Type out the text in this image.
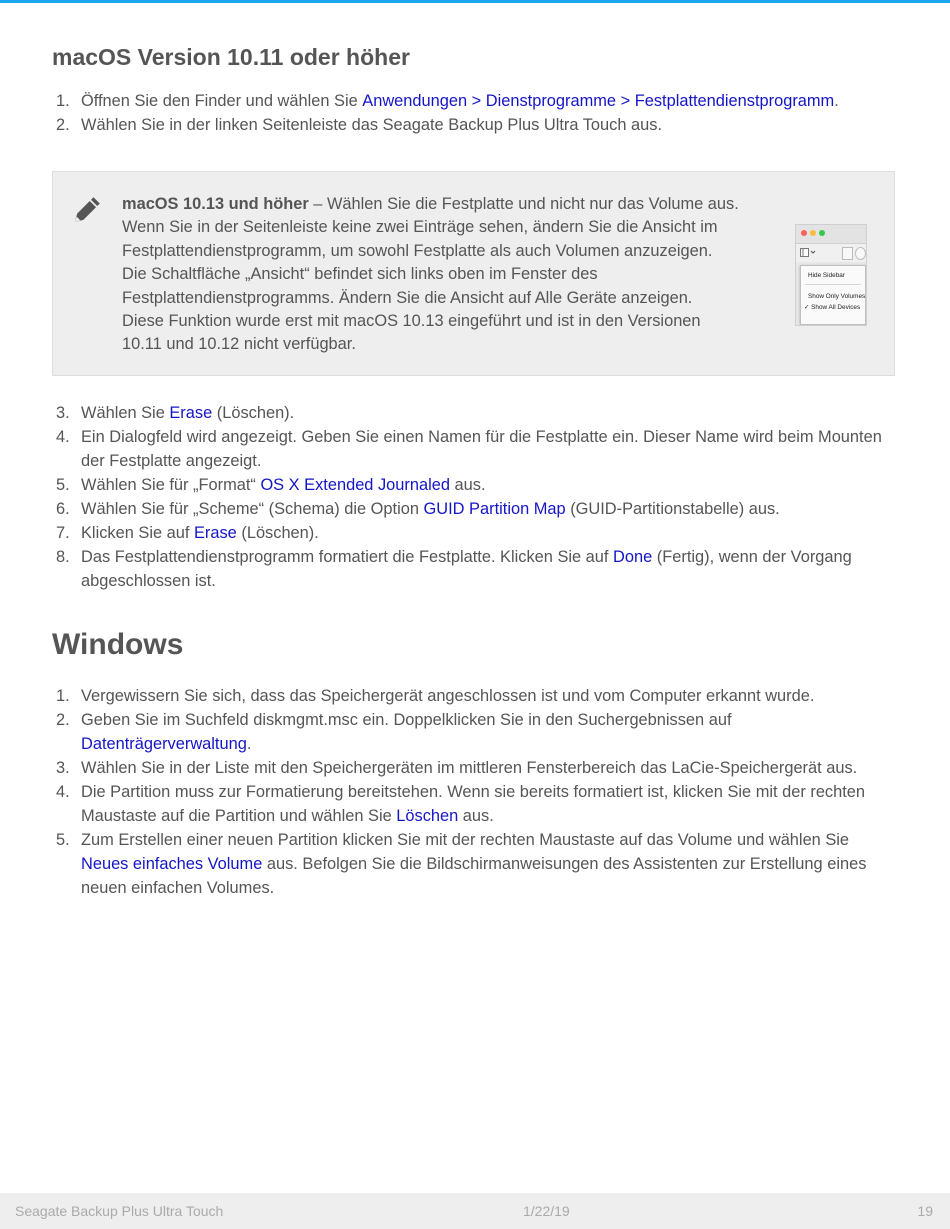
macOS Version 10.11 oder höher
1. Öffnen Sie den Finder und wählen Sie Anwendungen > Dienstprogramme > Festplattendienstprogramm.
2. Wählen Sie in der linken Seitenleiste das Seagate Backup Plus Ultra Touch aus.
macOS 10.13 und höher – Wählen Sie die Festplatte und nicht nur das Volume aus.
Wenn Sie in der Seitenleiste keine zwei Einträge sehen, ändern Sie die Ansicht im
Festplattendienstprogramm, um sowohl Festplatte als auch Volumen anzuzeigen.
Die Schaltfläche „Ansicht“ befindet sich links oben im Fenster des
Festplattendienstprogramms. Ändern Sie die Ansicht auf Alle Geräte anzeigen.
Diese Funktion wurde erst mit macOS 10.13 eingeführt und ist in den Versionen
10.11 und 10.12 nicht verfügbar.
Hide Sidebar
Show Only Volumes
✓ Show All Devices
3. Wählen Sie Erase (Löschen).
4. Ein Dialogfeld wird angezeigt. Geben Sie einen Namen für die Festplatte ein. Dieser Name wird beim Mounten der Festplatte angezeigt.
5. Wählen Sie für „Format“ OS X Extended Journaled aus.
6. Wählen Sie für „Scheme“ (Schema) die Option GUID Partition Map (GUID-Partitionstabelle) aus.
7. Klicken Sie auf Erase (Löschen).
8. Das Festplattendienstprogramm formatiert die Festplatte. Klicken Sie auf Done (Fertig), wenn der Vorgang abgeschlossen ist.
Windows
1. Vergewissern Sie sich, dass das Speichergerät angeschlossen ist und vom Computer erkannt wurde.
2. Geben Sie im Suchfeld diskmgmt.msc ein. Doppelklicken Sie in den Suchergebnissen auf Datenträgerverwaltung.
3. Wählen Sie in der Liste mit den Speichergeräten im mittleren Fensterbereich das LaCie-Speichergerät aus.
4. Die Partition muss zur Formatierung bereitstehen. Wenn sie bereits formatiert ist, klicken Sie mit der rechten Maustaste auf die Partition und wählen Sie Löschen aus.
5. Zum Erstellen einer neuen Partition klicken Sie mit der rechten Maustaste auf das Volume und wählen Sie Neues einfaches Volume aus. Befolgen Sie die Bildschirmanweisungen des Assistenten zur Erstellung eines neuen einfachen Volumes.
Seagate Backup Plus Ultra Touch	1/22/19	19
